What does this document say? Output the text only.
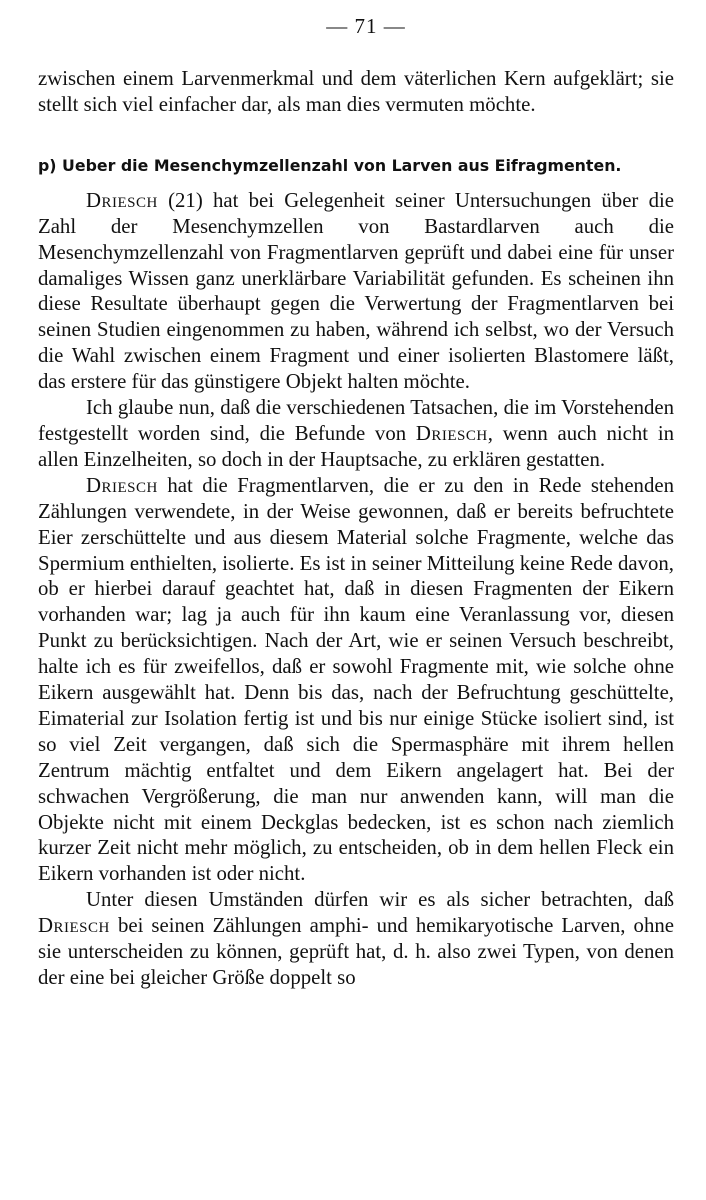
— 71 —

zwischen einem Larvenmerkmal und dem väterlichen Kern aufgeklärt; sie stellt sich viel einfacher dar, als man dies vermuten möchte.

p) Ueber die Mesenchymzellenzahl von Larven aus Eifragmenten.

Driesch (21) hat bei Gelegenheit seiner Untersuchungen über die Zahl der Mesenchymzellen von Bastardlarven auch die Mesenchymzellenzahl von Fragmentlarven geprüft und dabei eine für unser damaliges Wissen ganz unerklärbare Variabilität gefunden. Es scheinen ihn diese Resultate überhaupt gegen die Verwertung der Fragmentlarven bei seinen Studien eingenommen zu haben, während ich selbst, wo der Versuch die Wahl zwischen einem Fragment und einer isolierten Blastomere läßt, das erstere für das günstigere Objekt halten möchte.

Ich glaube nun, daß die verschiedenen Tatsachen, die im Vorstehenden festgestellt worden sind, die Befunde von Driesch, wenn auch nicht in allen Einzelheiten, so doch in der Hauptsache, zu erklären gestatten.

Driesch hat die Fragmentlarven, die er zu den in Rede stehenden Zählungen verwendete, in der Weise gewonnen, daß er bereits befruchtete Eier zerschüttelte und aus diesem Material solche Fragmente, welche das Spermium enthielten, isolierte. Es ist in seiner Mitteilung keine Rede davon, ob er hierbei darauf geachtet hat, daß in diesen Fragmenten der Eikern vorhanden war; lag ja auch für ihn kaum eine Veranlassung vor, diesen Punkt zu berücksichtigen. Nach der Art, wie er seinen Versuch beschreibt, halte ich es für zweifellos, daß er sowohl Fragmente mit, wie solche ohne Eikern ausgewählt hat. Denn bis das, nach der Befruchtung geschüttelte, Eimaterial zur Isolation fertig ist und bis nur einige Stücke isoliert sind, ist so viel Zeit vergangen, daß sich die Spermasphäre mit ihrem hellen Zentrum mächtig entfaltet und dem Eikern angelagert hat. Bei der schwachen Vergrößerung, die man nur anwenden kann, will man die Objekte nicht mit einem Deckglas bedecken, ist es schon nach ziemlich kurzer Zeit nicht mehr möglich, zu entscheiden, ob in dem hellen Fleck ein Eikern vorhanden ist oder nicht.

Unter diesen Umständen dürfen wir es als sicher betrachten, daß Driesch bei seinen Zählungen amphi- und hemikaryotische Larven, ohne sie unterscheiden zu können, geprüft hat, d. h. also zwei Typen, von denen der eine bei gleicher Größe doppelt so
